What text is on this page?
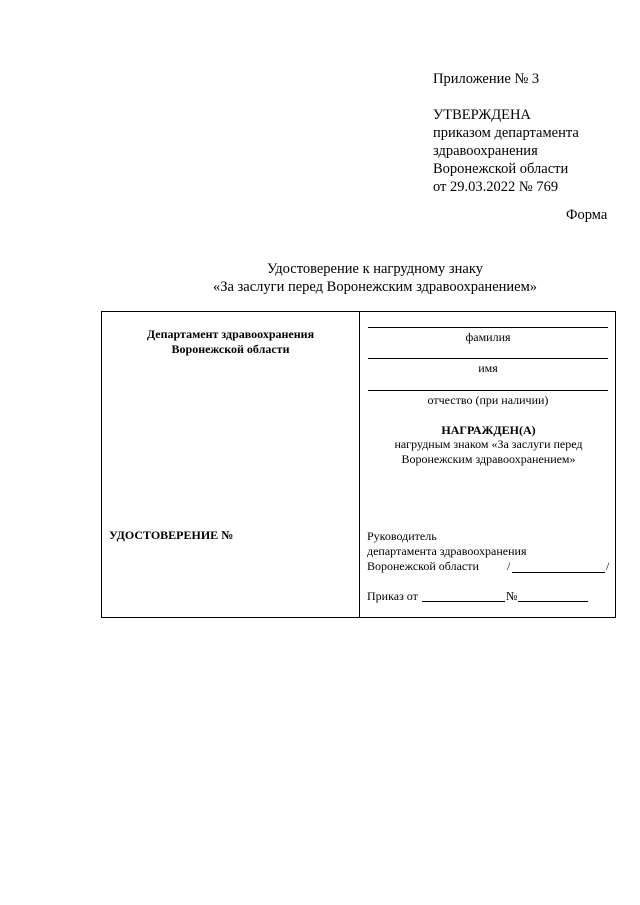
Приложение № 3
УТВЕРЖДЕНА
приказом департамента
здравоохранения
Воронежской области
от 29.03.2022 № 769
Форма
Удостоверение к нагрудному знаку
«За заслуги перед Воронежским здравоохранением»
Департамент здравоохранения
Воронежской области
УДОСТОВЕРЕНИЕ №
фамилия
имя
отчество (при наличии)
НАГРАЖДЕН(А)
нагрудным знаком «За заслуги перед
Воронежским здравоохранением»
Руководитель
департамента здравоохранения
Воронежской области /	/
Приказ от	№
